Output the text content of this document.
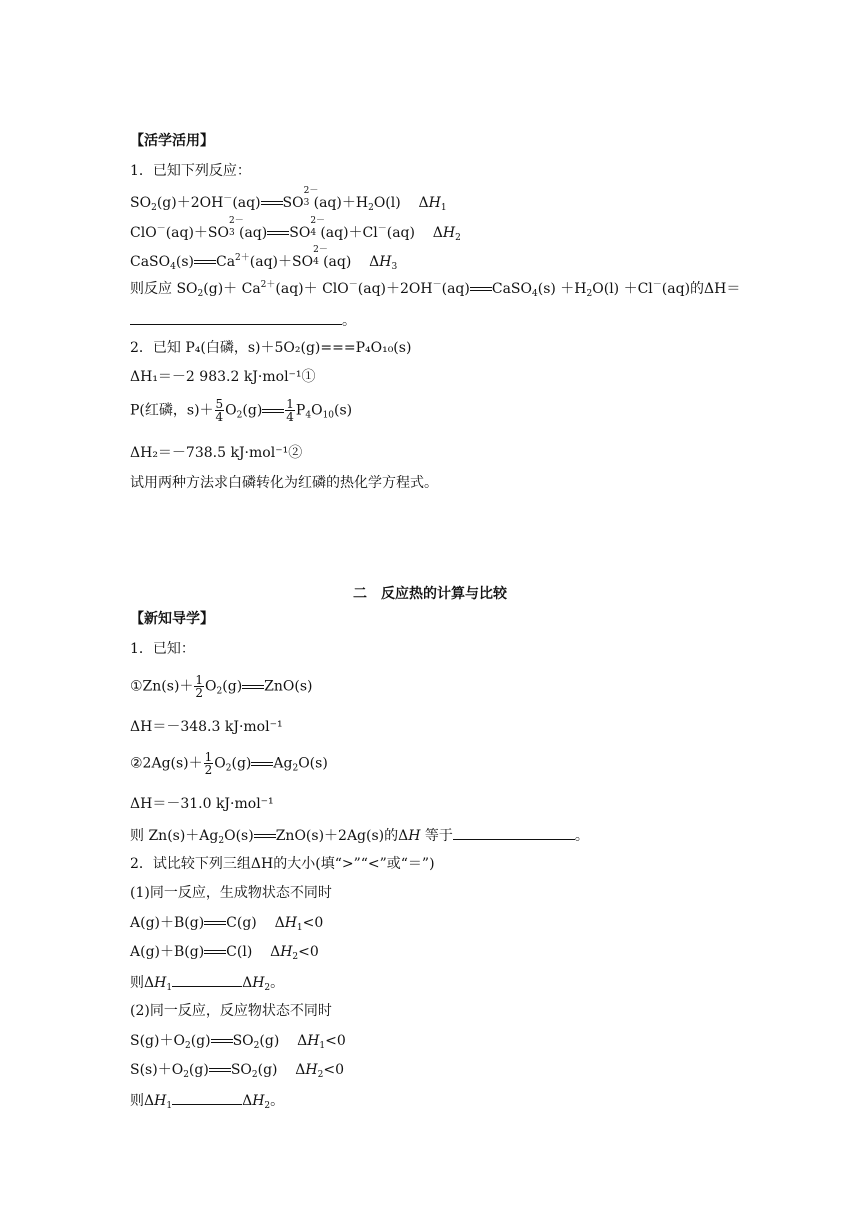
【活学活用】
1．已知下列反应：
$SO_2(g)+2OH^-(aq)$ SO
2－
3 $(aq)+H_2O(l)$    $\Delta H_1$
ClO－(aq)＋SO
2－
3 (aq) SO
2－
4 (aq)＋Cl－(aq)    $\Delta H_2$
CaSO$_4$(s) $Ca^{2+}(aq)+SO$
2－
4 (aq)    $\Delta H_3$
则反应 $SO_2(g)+ Ca^{2+}(aq)+ ClO^-(aq)+2OH^-(aq)$ CaSO$_4$(s) $+H_2O(l) +Cl^-(aq)$的ΔH＝
。
2．已知 P₄(白磷，s)＋5O₂(g)===P₄O₁₀(s)
ΔH₁＝－2 983.2 kJ·mol⁻¹①
P(红磷，$s)+ \frac{5}{4} O_2(g) \frac{1}{4} P_4O_{10}(s)$
ΔH₂＝－738.5 kJ·mol⁻¹②
试用两种方法求白磷转化为红磷的热化学方程式。
二　反应热的计算与比较
【新知导学】
1．已知：
①Zn(s)＋ $\frac{1}{2} O_2(g)$ ZnO(s)
ΔH＝－348.3 kJ·mol⁻¹
②2Ag(s)＋ $\frac{1}{2} O_2(g)$ $Ag_2O(s)$
ΔH＝－31.0 kJ·mol⁻¹
则 $Zn(s)+Ag_2O(s)$ ZnO(s)＋2Ag(s)的ΔH 等于	。
2．试比较下列三组ΔH的大小(填“>”“<”或“＝”)
(1)同一反应，生成物状态不同时
A(g)＋B(g) C(g)    $\Delta H_1<0$
A(g)＋B(g) C(l)    $\Delta H_2<0$
则$\Delta H_1$	$\Delta H_2$。
(2)同一反应，反应物状态不同时
$S(g)+O_2(g)$ $SO_2(g)$    $\Delta H_1<0$
$S(s)+O_2(g)$ $SO_2(g)$    $\Delta H_2<0$
则$\Delta H_1$	$\Delta H_2$。
